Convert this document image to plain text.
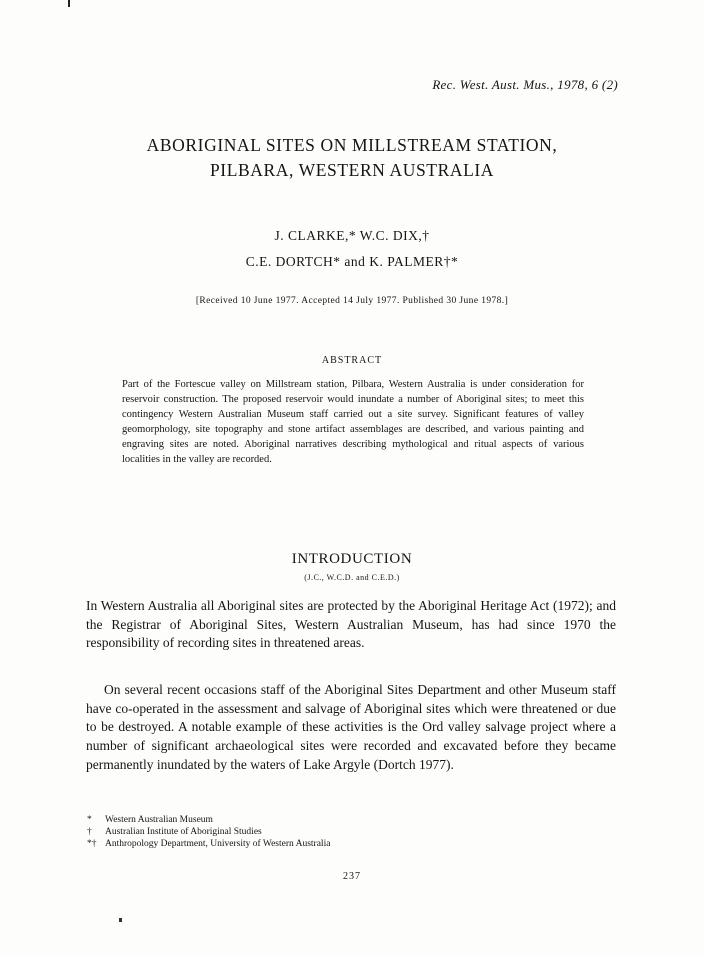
Rec. West. Aust. Mus., 1978, 6 (2)
ABORIGINAL SITES ON MILLSTREAM STATION,
PILBARA, WESTERN AUSTRALIA
J. CLARKE,* W.C. DIX,†
C.E. DORTCH* and K. PALMER†*
[Received 10 June 1977. Accepted 14 July 1977. Published 30 June 1978.]
ABSTRACT

Part of the Fortescue valley on Millstream station, Pilbara, Western Australia is under consideration for reservoir construction. The proposed reservoir would inundate a number of Aboriginal sites; to meet this contingency Western Australian Museum staff carried out a site survey. Significant features of valley geomorphology, site topography and stone artifact assemblages are described, and various painting and engraving sites are noted. Aboriginal narratives describing mythological and ritual aspects of various localities in the valley are recorded.

INTRODUCTION
(J.C., W.C.D. and C.E.D.)

In Western Australia all Aboriginal sites are protected by the Aboriginal Heritage Act (1972); and the Registrar of Aboriginal Sites, Western Australian Museum, has had since 1970 the responsibility of recording sites in threatened areas.

On several recent occasions staff of the Aboriginal Sites Department and other Museum staff have co-operated in the assessment and salvage of Aboriginal sites which were threatened or due to be destroyed. A notable example of these activities is the Ord valley salvage project where a number of significant archaeological sites were recorded and excavated before they became permanently inundated by the waters of Lake Argyle (Dortch 1977).

*	Western Australian Museum
†	Australian Institute of Aboriginal Studies
*† Anthropology Department, University of Western Australia
237
